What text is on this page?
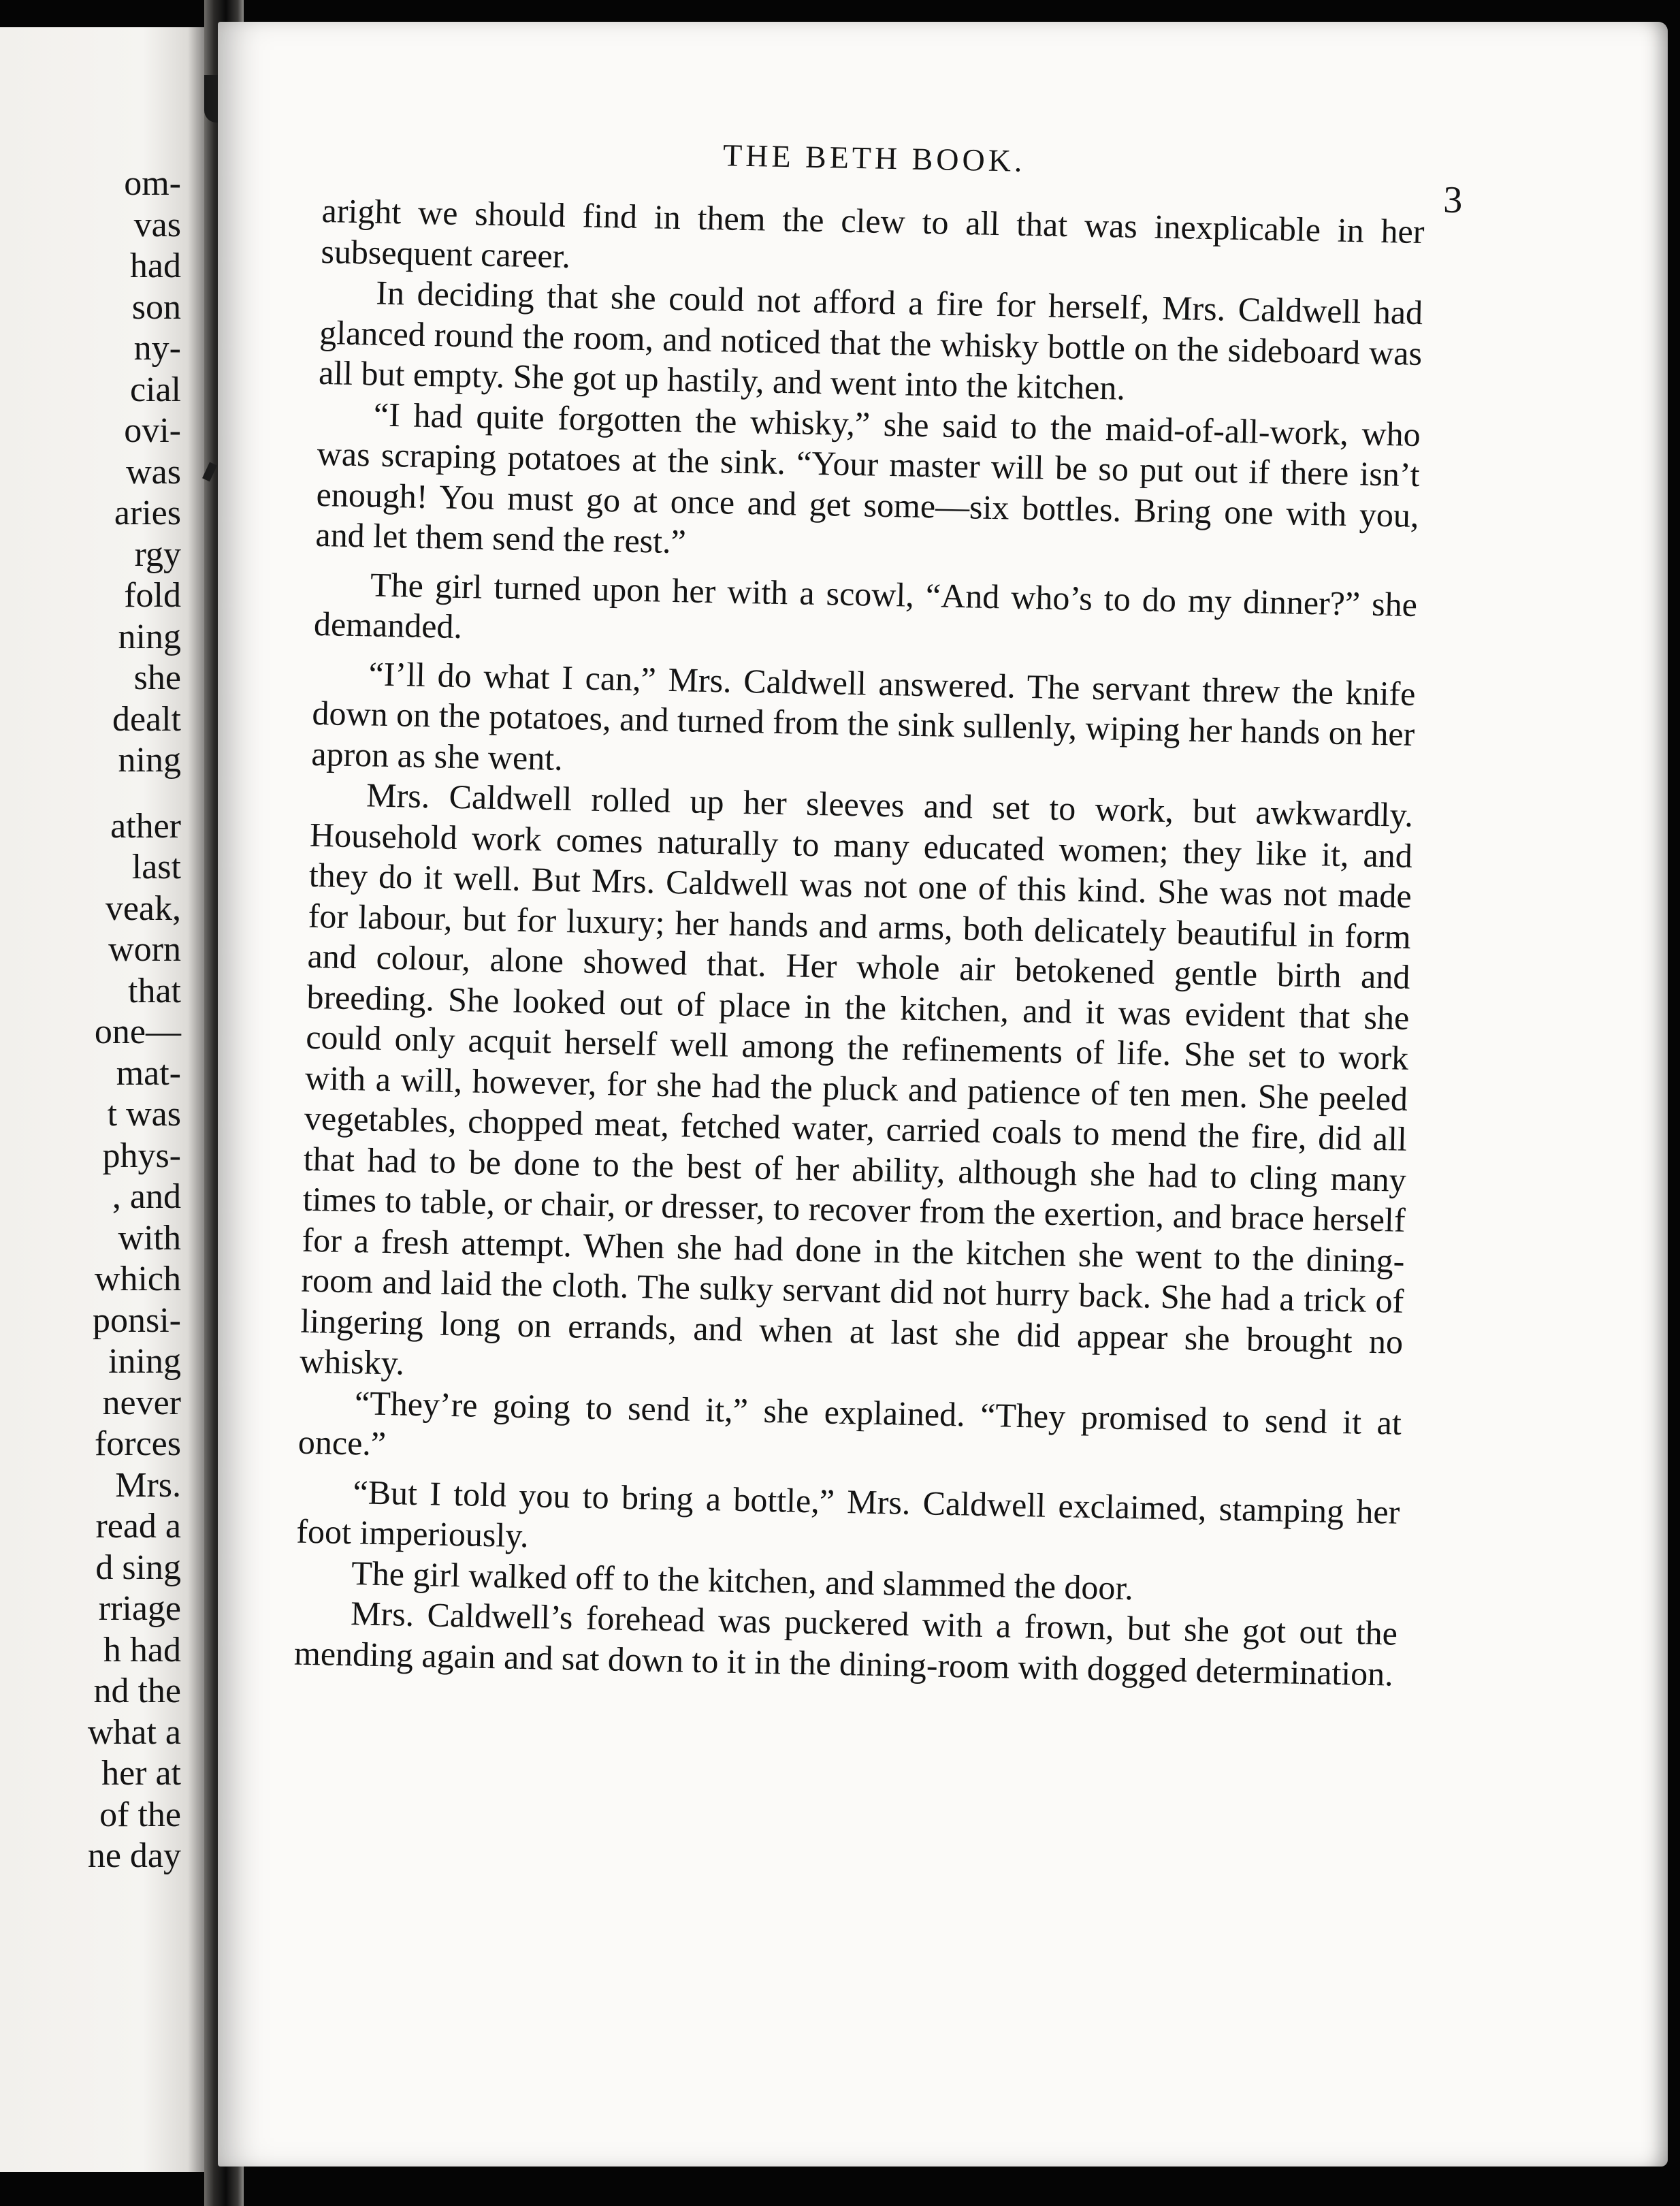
om-
vas
had
son
ny-
cial
ovi-
was
aries
rgy
fold
ning
she
dealt
ning
ather
last
veak,
worn
that
one—
mat-
t was
phys-
, and
with
which
ponsi-
ining
never
forces
Mrs.
read a
d sing
rriage
h had
nd the
what a
her at
of the
ne day
THE BETH BOOK.
3

aright we should find in them the clew to all that was inexplicable in her subsequent career.

In deciding that she could not afford a fire for herself, Mrs. Caldwell had glanced round the room, and noticed that the whisky bottle on the sideboard was all but empty. She got up hastily, and went into the kitchen.

“I had quite forgotten the whisky,” she said to the maid-of-all-work, who was scraping potatoes at the sink. “Your master will be so put out if there isn’t enough! You must go at once and get some—six bottles. Bring one with you, and let them send the rest.”

The girl turned upon her with a scowl, “And who’s to do my dinner?” she demanded.

“I’ll do what I can,” Mrs. Caldwell answered. The servant threw the knife down on the potatoes, and turned from the sink sullenly, wiping her hands on her apron as she went.

Mrs. Caldwell rolled up her sleeves and set to work, but awkwardly. Household work comes naturally to many educated women; they like it, and they do it well. But Mrs. Caldwell was not one of this kind. She was not made for labour, but for luxury; her hands and arms, both delicately beautiful in form and colour, alone showed that. Her whole air betokened gentle birth and breeding. She looked out of place in the kitchen, and it was evident that she could only acquit herself well among the refinements of life. She set to work with a will, however, for she had the pluck and patience of ten men. She peeled vegetables, chopped meat, fetched water, carried coals to mend the fire, did all that had to be done to the best of her ability, although she had to cling many times to table, or chair, or dresser, to recover from the exertion, and brace herself for a fresh attempt. When she had done in the kitchen she went to the dining-room and laid the cloth. The sulky servant did not hurry back. She had a trick of lingering long on errands, and when at last she did appear she brought no whisky.

“They’re going to send it,” she explained. “They promised to send it at once.”

“But I told you to bring a bottle,” Mrs. Caldwell exclaimed, stamping her foot imperiously.

The girl walked off to the kitchen, and slammed the door.

Mrs. Caldwell’s forehead was puckered with a frown, but she got out the mending again and sat down to it in the dining-room with dogged determination.
